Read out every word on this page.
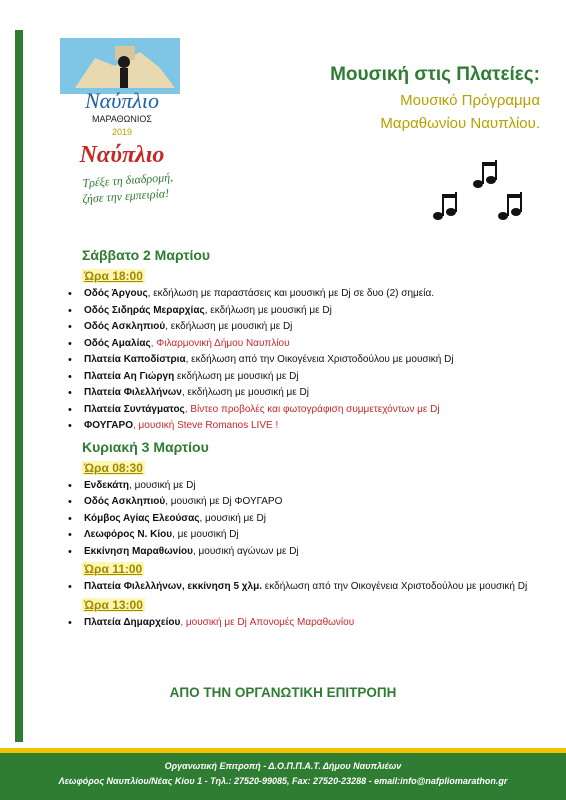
Ναύπλιο
ΜΑΡΑΘΩΝΙΟΣ
2019
Ναύπλιο
Τρέξε τη διαδρομή,
ζήσε την εμπειρία!
Μουσική στις Πλατείες:
Μουσικό Πρόγραμμα
Μαραθωνίου Ναυπλίου.
Σάββατο 2 Μαρτίου
Ώρα 18:00
• Οδός Άργους, εκδήλωση με παραστάσεις και μουσική με Dj σε δυο (2) σημεία.
• Οδός Σιδηράς Μεραρχίας, εκδήλωση με μουσική με Dj
• Οδός Ασκληπιού, εκδήλωση με μουσική με Dj
• Οδός Αμαλίας, Φιλαρμονική Δήμου Ναυπλίου
• Πλατεία Καποδίστρια, εκδήλωση από την Οικογένεια Χριστοδούλου με μουσική Dj
• Πλατεία Αη Γιώργη εκδήλωση με μουσική με Dj
• Πλατεία Φιλελλήνων, εκδήλωση με μουσική με Dj
• Πλατεία Συντάγματος, Βίντεο προβολές και φωτογράφιση συμμετεχόντων με Dj
• ΦΟΥΓΑΡΟ, μουσική Steve Romanos LIVE !
Κυριακή 3 Μαρτίου
Ώρα 08:30
• Ενδεκάτη, μουσική με Dj
• Οδός Ασκληπιού, μουσική με Dj ΦΟΥΓΑΡΟ
• Κόμβος Αγίας Ελεούσας, μουσική με Dj
• Λεωφόρος Ν. Κίου, με μουσική Dj
• Εκκίνηση Μαραθωνίου, μουσική αγώνων με Dj
Ώρα 11:00
• Πλατεία Φιλελλήνων, εκκίνηση 5 χλμ. εκδήλωση από την Οικογένεια Χριστοδούλου με μουσική Dj
Ώρα 13:00
• Πλατεία Δημαρχείου, μουσική με Dj Απονομές Μαραθωνίου
ΑΠΟ ΤΗΝ ΟΡΓΑΝΩΤΙΚΗ ΕΠΙΤΡΟΠΗ
Οργανωτική Επιτροπή - Δ.Ο.Π.Π.Α.Τ. Δήμου Ναυπλιέων
Λεωφόρος Ναυπλίου/Νέας Κίου 1 - Τηλ.: 27520-99085, Fax: 27520-23288 - email:info@nafpliomarathon.gr
